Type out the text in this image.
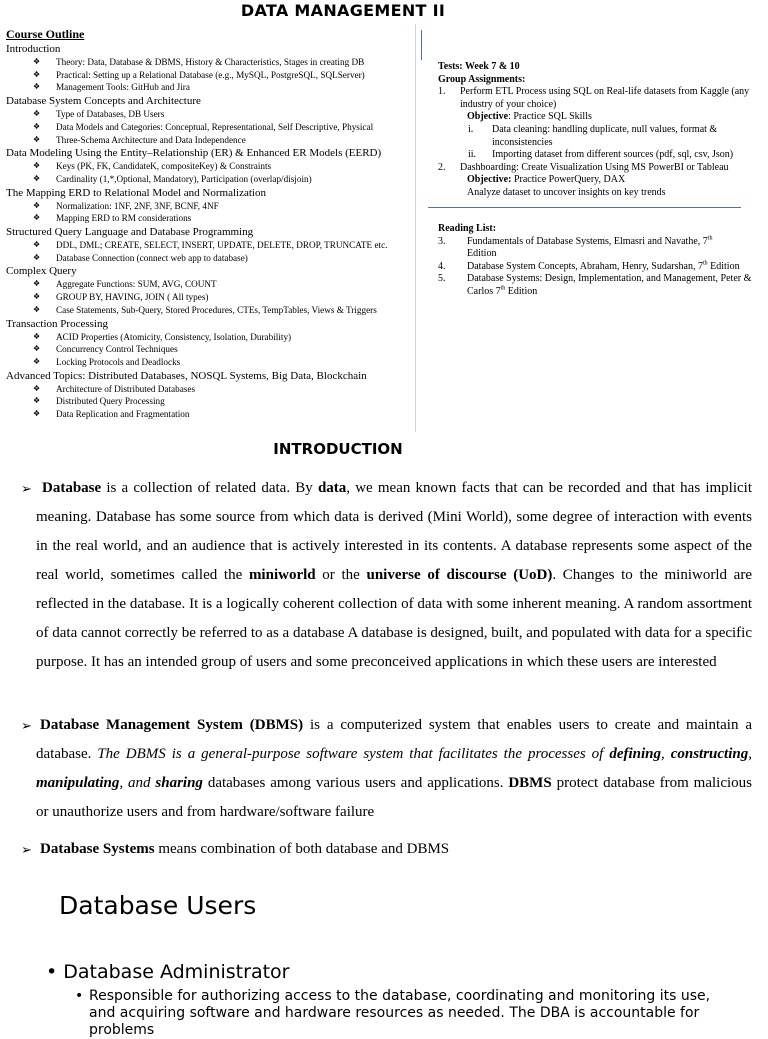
DATA MANAGEMENT II
Course Outline
Introduction
❖ Theory: Data, Database & DBMS, History & Characteristics, Stages in creating DB
❖ Practical: Setting up a Relational Database (e.g., MySQL, PostgreSQL, SQLServer)
❖ Management Tools: GitHub and Jira
Database System Concepts and Architecture
❖ Type of Databases, DB Users
❖ Data Models and Categories: Conceptual, Representational, Self Descriptive, Physical
❖ Three-Schema Architecture and Data Independence
Data Modeling Using the Entity–Relationship (ER) & Enhanced ER Models (EERD)
❖ Keys (PK, FK, CandidateK, compositeKey) & Constraints
❖ Cardinality (1,*,Optional, Mandatory), Participation (overlap/disjoin)
The Mapping ERD to Relational Model and Normalization
❖ Normalization: 1NF, 2NF, 3NF, BCNF, 4NF
❖ Mapping ERD to RM considerations
Structured Query Language and Database Programming
❖ DDL, DML; CREATE, SELECT, INSERT, UPDATE, DELETE, DROP, TRUNCATE etc.
❖ Database Connection (connect web app to database)
Complex Query
❖ Aggregate Functions: SUM, AVG, COUNT
❖ GROUP BY, HAVING, JOIN ( All types)
❖ Case Statements, Sub-Query, Stored Procedures, CTEs, TempTables, Views & Triggers
Transaction Processing
❖ ACID Properties (Atomicity, Consistency, Isolation, Durability)
❖ Concurrency Control Techniques
❖ Locking Protocols and Deadlocks
Advanced Topics: Distributed Databases, NOSQL Systems, Big Data, Blockchain
❖ Architecture of Distributed Databases
❖ Distributed Query Processing
❖ Data Replication and Fragmentation
Tests: Week 7 & 10
Group Assignments:
1. Perform ETL Process using SQL on Real-life datasets from Kaggle (any industry of your choice)
Objective: Practice SQL Skills
i. Data cleaning: handling duplicate, null values, format & inconsistencies
ii. Importing dataset from different sources (pdf, sql, csv, Json)
2. Dashboarding: Create Visualization Using MS PowerBI or Tableau
Objective: Practice PowerQuery, DAX
Analyze dataset to uncover insights on key trends
Reading List:
3. Fundamentals of Database Systems, Elmasri and Navathe, 7th
Edition
4. Database System Concepts, Abraham, Henry, Sudarshan, 7th Edition
5. Database Systems: Design, Implementation, and Management, Peter & Carlos 7th Edition
INTRODUCTION
➢ Database is a collection of related data. By data, we mean known facts that can be recorded and that has implicit meaning. Database has some source from which data is derived (Mini World), some degree of interaction with events in the real world, and an audience that is actively interested in its contents. A database represents some aspect of the real world, sometimes called the miniworld or the universe of discourse (UoD). Changes to the miniworld are reflected in the database. It is a logically coherent collection of data with some inherent meaning. A random assortment of data cannot correctly be referred to as a database A database is designed, built, and populated with data for a specific purpose. It has an intended group of users and some preconceived applications in which these users are interested
➢ Database Management System (DBMS) is a computerized system that enables users to create and maintain a database. The DBMS is a general-purpose software system that facilitates the processes of defining, constructing, manipulating, and sharing databases among various users and applications. DBMS protect database from malicious or unauthorize users and from hardware/software failure
➢ Database Systems means combination of both database and DBMS
Database Users
• Database Administrator
• Responsible for authorizing access to the database, coordinating and monitoring its use, and acquiring software and hardware resources as needed. The DBA is accountable for problems
